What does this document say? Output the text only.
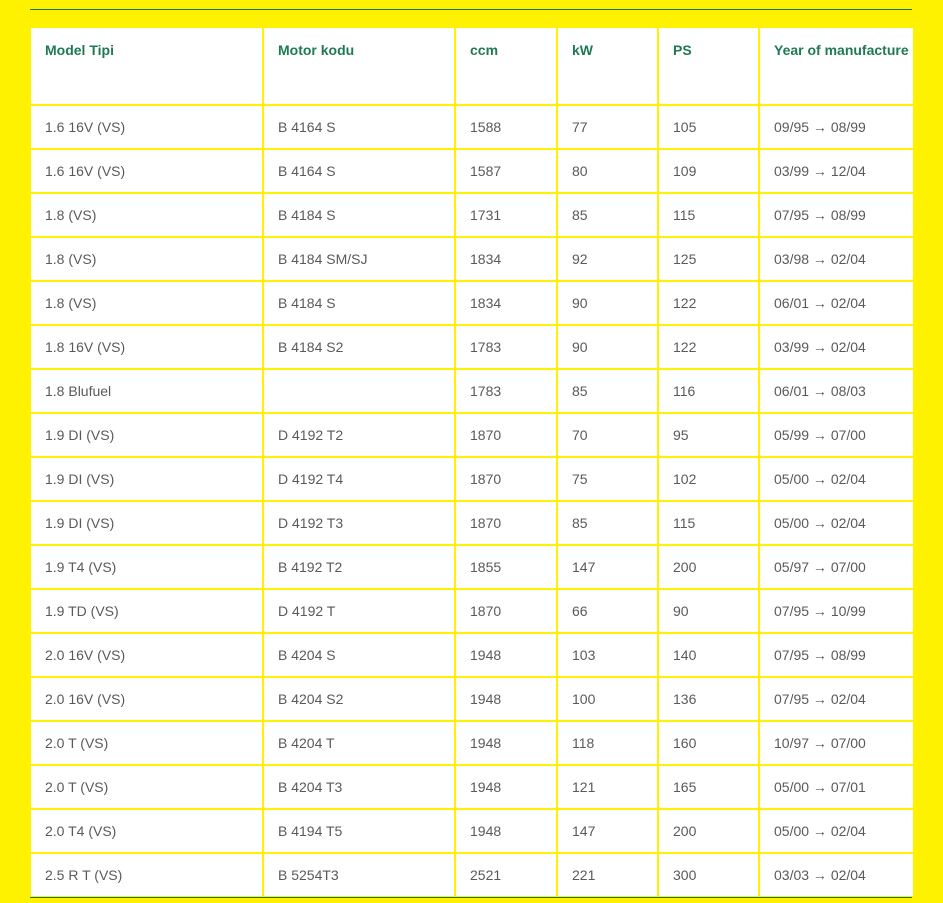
Model Tipi	Motor kodu	ccm	kW	PS	Year of manufacture
1.6 16V (VS)	B 4164 S	1588	77	105	09/95 → 08/99
1.6 16V (VS)	B 4164 S	1587	80	109	03/99 → 12/04
1.8 (VS)	B 4184 S	1731	85	115	07/95 → 08/99
1.8 (VS)	B 4184 SM/SJ	1834	92	125	03/98 → 02/04
1.8 (VS)	B 4184 S	1834	90	122	06/01 → 02/04
1.8 16V (VS)	B 4184 S2	1783	90	122	03/99 → 02/04
1.8 Blufuel		1783	85	116	06/01 → 08/03
1.9 DI (VS)	D 4192 T2	1870	70	95	05/99 → 07/00
1.9 DI (VS)	D 4192 T4	1870	75	102	05/00 → 02/04
1.9 DI (VS)	D 4192 T3	1870	85	115	05/00 → 02/04
1.9 T4 (VS)	B 4192 T2	1855	147	200	05/97 → 07/00
1.9 TD (VS)	D 4192 T	1870	66	90	07/95 → 10/99
2.0 16V (VS)	B 4204 S	1948	103	140	07/95 → 08/99
2.0 16V (VS)	B 4204 S2	1948	100	136	07/95 → 02/04
2.0 T (VS)	B 4204 T	1948	118	160	10/97 → 07/00
2.0 T (VS)	B 4204 T3	1948	121	165	05/00 → 07/01
2.0 T4 (VS)	B 4194 T5	1948	147	200	05/00 → 02/04
2.5 R T (VS)	B 5254T3	2521	221	300	03/03 → 02/04
